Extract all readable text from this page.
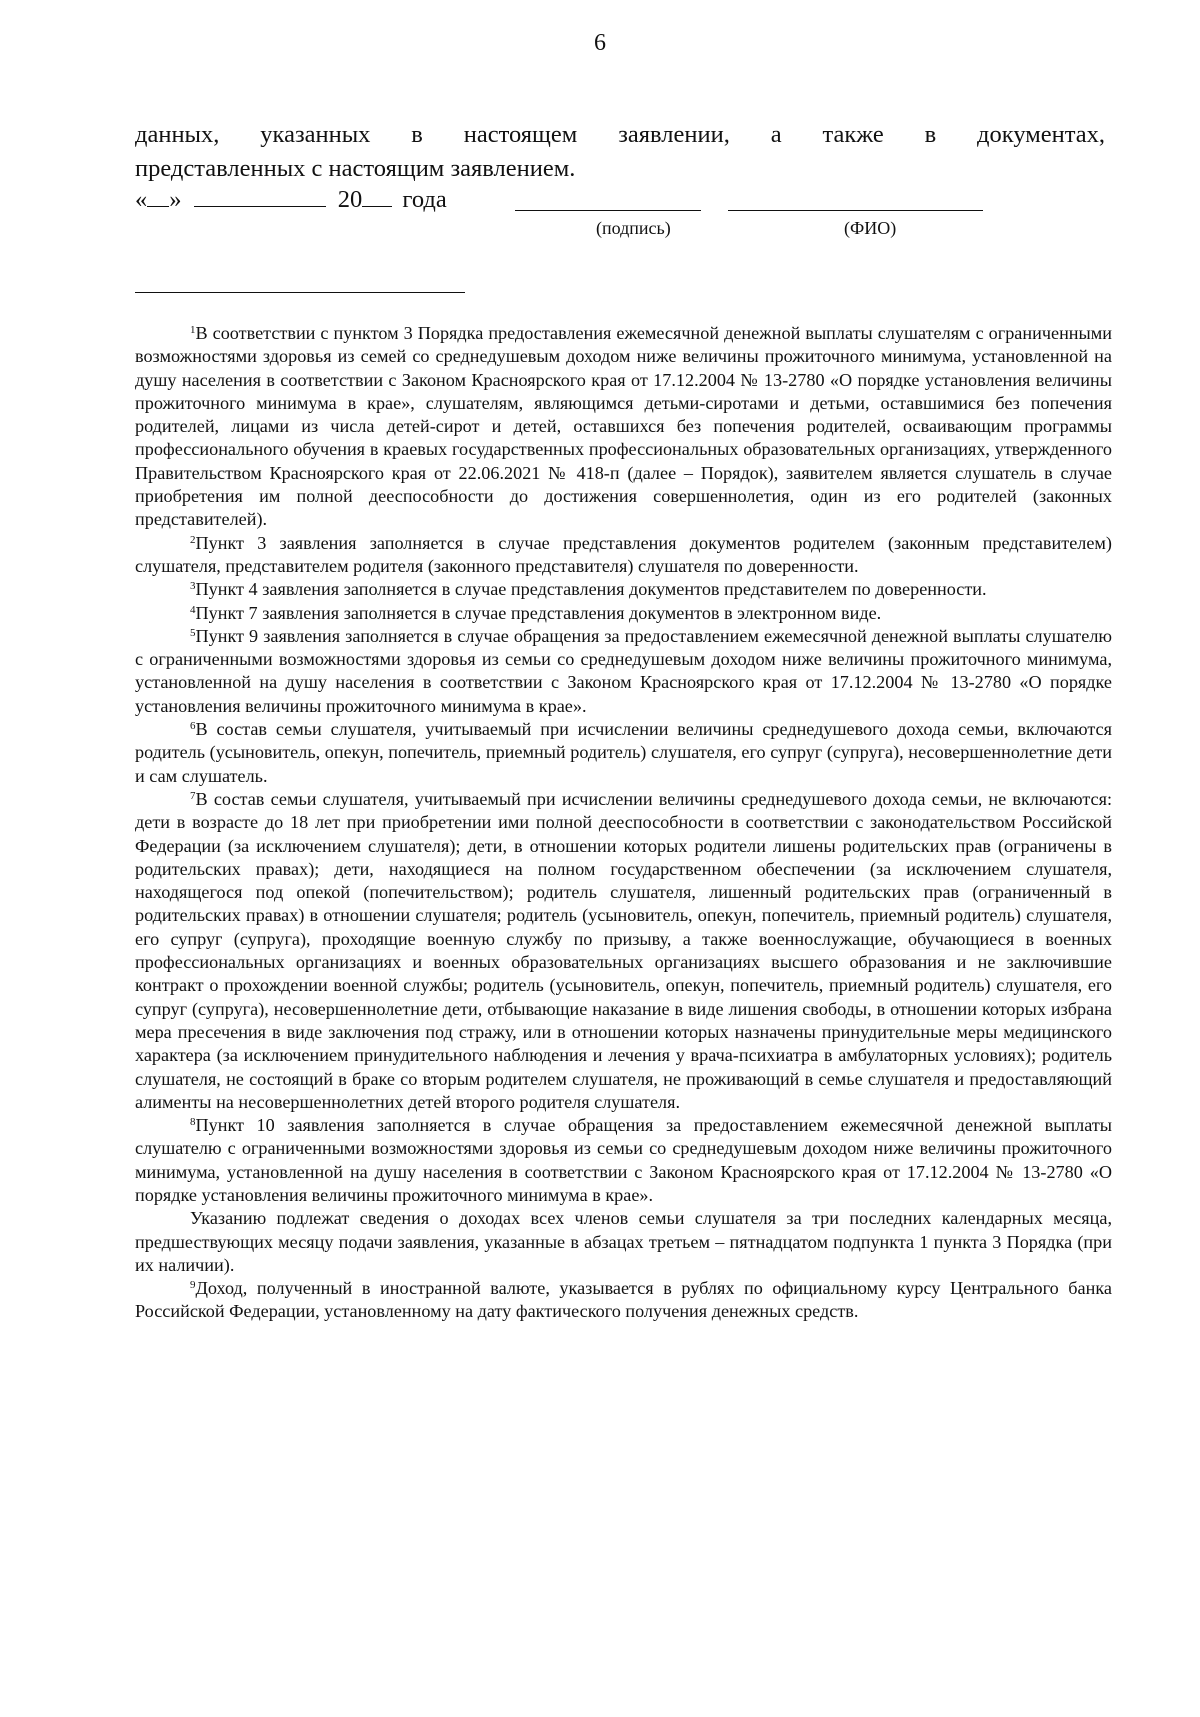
6
данных, указанных в настоящем заявлении, а также в документах,
представленных с настоящим заявлением.
« »	20 года
(подпись)	(ФИО)

$^1$В соответствии с пунктом 3 Порядка предоставления ежемесячной денежной выплаты слушателям с ограниченными возможностями здоровья из семей со среднедушевым доходом ниже величины прожиточного минимума, установленной на душу населения в соответствии с Законом Красноярского края от 17.12.2004 № 13-2780 «О порядке установления величины прожиточного минимума в крае», слушателям, являющимся детьми-сиротами и детьми, оставшимися без попечения родителей, лицами из числа детей-сирот и детей, оставшихся без попечения родителей, осваивающим программы профессионального обучения в краевых государственных профессиональных образовательных организациях, утвержденного Правительством Красноярского края от 22.06.2021 № 418-п (далее – Порядок), заявителем является слушатель в случае приобретения им полной дееспособности до достижения совершеннолетия, один из его родителей (законных представителей).

$^2$Пункт 3 заявления заполняется в случае представления документов родителем (законным представителем) слушателя, представителем родителя (законного представителя) слушателя по доверенности.

$^3$Пункт 4 заявления заполняется в случае представления документов представителем по доверенности.

$^4$Пункт 7 заявления заполняется в случае представления документов в электронном виде.

$^5$Пункт 9 заявления заполняется в случае обращения за предоставлением ежемесячной денежной выплаты слушателю с ограниченными возможностями здоровья из семьи со среднедушевым доходом ниже величины прожиточного минимума, установленной на душу населения в соответствии с Законом Красноярского края от 17.12.2004 № 13-2780 «О порядке установления величины прожиточного минимума в крае».

$^6$В состав семьи слушателя, учитываемый при исчислении величины среднедушевого дохода семьи, включаются родитель (усыновитель, опекун, попечитель, приемный родитель) слушателя, его супруг (супруга), несовершеннолетние дети и сам слушатель.

$^7$В состав семьи слушателя, учитываемый при исчислении величины среднедушевого дохода семьи, не включаются: дети в возрасте до 18 лет при приобретении ими полной дееспособности в соответствии с законодательством Российской Федерации (за исключением слушателя); дети, в отношении которых родители лишены родительских прав (ограничены в родительских правах); дети, находящиеся на полном государственном обеспечении (за исключением слушателя, находящегося под опекой (попечительством); родитель слушателя, лишенный родительских прав (ограниченный в родительских правах) в отношении слушателя; родитель (усыновитель, опекун, попечитель, приемный родитель) слушателя, его супруг (супруга), проходящие военную службу по призыву, а также военнослужащие, обучающиеся в военных профессиональных организациях и военных образовательных организациях высшего образования и не заключившие контракт о прохождении военной службы; родитель (усыновитель, опекун, попечитель, приемный родитель) слушателя, его супруг (супруга), несовершеннолетние дети, отбывающие наказание в виде лишения свободы, в отношении которых избрана мера пресечения в виде заключения под стражу, или в отношении которых назначены принудительные меры медицинского характера (за исключением принудительного наблюдения и лечения у врача-психиатра в амбулаторных условиях); родитель слушателя, не состоящий в браке со вторым родителем слушателя, не проживающий в семье слушателя и предоставляющий алименты на несовершеннолетних детей второго родителя слушателя.

$^8$Пункт 10 заявления заполняется в случае обращения за предоставлением ежемесячной денежной выплаты слушателю с ограниченными возможностями здоровья из семьи со среднедушевым доходом ниже величины прожиточного минимума, установленной на душу населения в соответствии с Законом Красноярского края от 17.12.2004 № 13-2780 «О порядке установления величины прожиточного минимума в крае».

Указанию подлежат сведения о доходах всех членов семьи слушателя за три последних календарных месяца, предшествующих месяцу подачи заявления, указанные в абзацах третьем – пятнадцатом подпункта 1 пункта 3 Порядка (при их наличии).

$^9$Доход, полученный в иностранной валюте, указывается в рублях по официальному курсу Центрального банка Российской Федерации, установленному на дату фактического получения денежных средств.
